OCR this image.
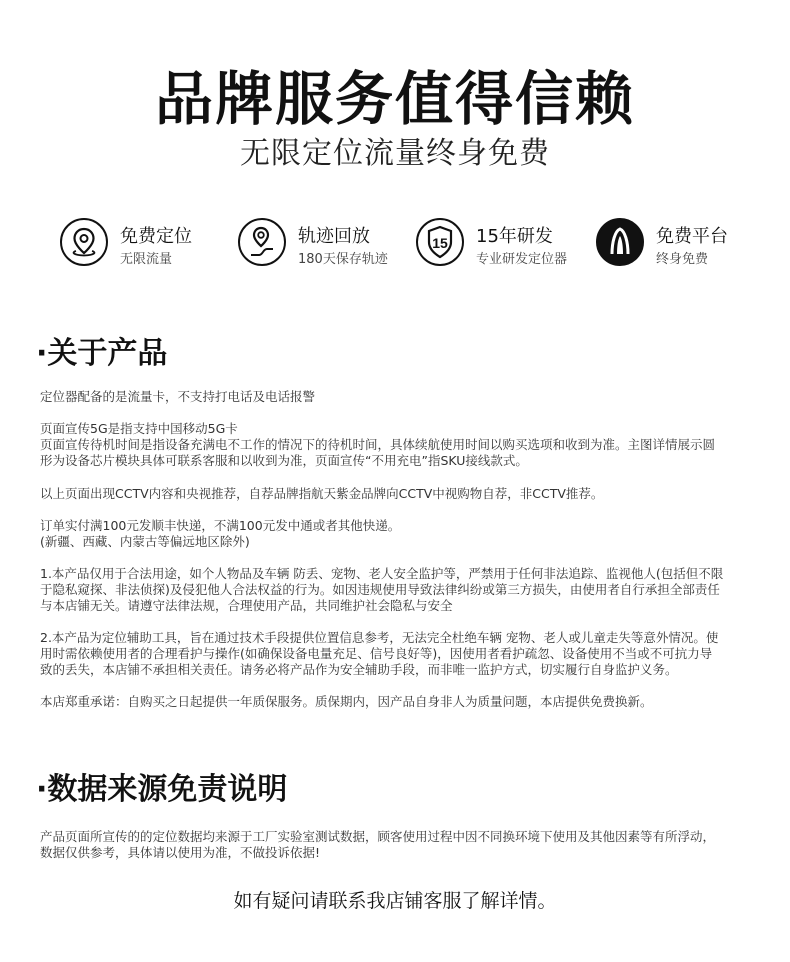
品牌服务值得信赖
无限定位流量终身免费
免费定位
无限流量
轨迹回放
180天保存轨迹
15 15年研发
专业研发定位器
免费平台
终身免费
·关于产品
定位器配备的是流量卡，不支持打电话及电话报警
页面宣传5G是指支持中国移动5G卡
页面宣传待机时间是指设备充满电不工作的情况下的待机时间，具体续航使用时间以购买选项和收到为准。主图详情展示圆
形为设备芯片模块具体可联系客服和以收到为准，页面宣传“不用充电”指SKU接线款式。
以上页面出现CCTV内容和央视推荐，自荐品牌指航天紫金品牌向CCTV中视购物自荐，非CCTV推荐。
订单实付满100元发顺丰快递，不满100元发中通或者其他快递。
(新疆、西藏、内蒙古等偏远地区除外)
1.本产品仅用于合法用途，如个人物品及车辆 防丢、宠物、老人安全监护等，严禁用于任何非法追踪、监视他人(包括但不限
于隐私窥探、非法侦探)及侵犯他人合法权益的行为。如因违规使用导致法律纠纷或第三方损失，由使用者自行承担全部责任
与本店铺无关。请遵守法律法规，合理使用产品，共同维护社会隐私与安全
2.本产品为定位辅助工具，旨在通过技术手段提供位置信息参考，无法完全杜绝车辆 宠物、老人或儿童走失等意外情况。使
用时需依赖使用者的合理看护与操作(如确保设备电量充足、信号良好等)，因使用者看护疏忽、设备使用不当或不可抗力导
致的丢失，本店铺不承担相关责任。请务必将产品作为安全辅助手段，而非唯一监护方式，切实履行自身监护义务。
本店郑重承诺：自购买之日起提供一年质保服务。质保期内，因产品自身非人为质量问题，本店提供免费换新。
·数据来源免责说明
产品页面所宣传的的定位数据均来源于工厂实验室测试数据，顾客使用过程中因不同换环境下使用及其他因素等有所浮动，
数据仅供参考，具体请以使用为准，不做投诉依据!
如有疑问请联系我店铺客服了解详情。
